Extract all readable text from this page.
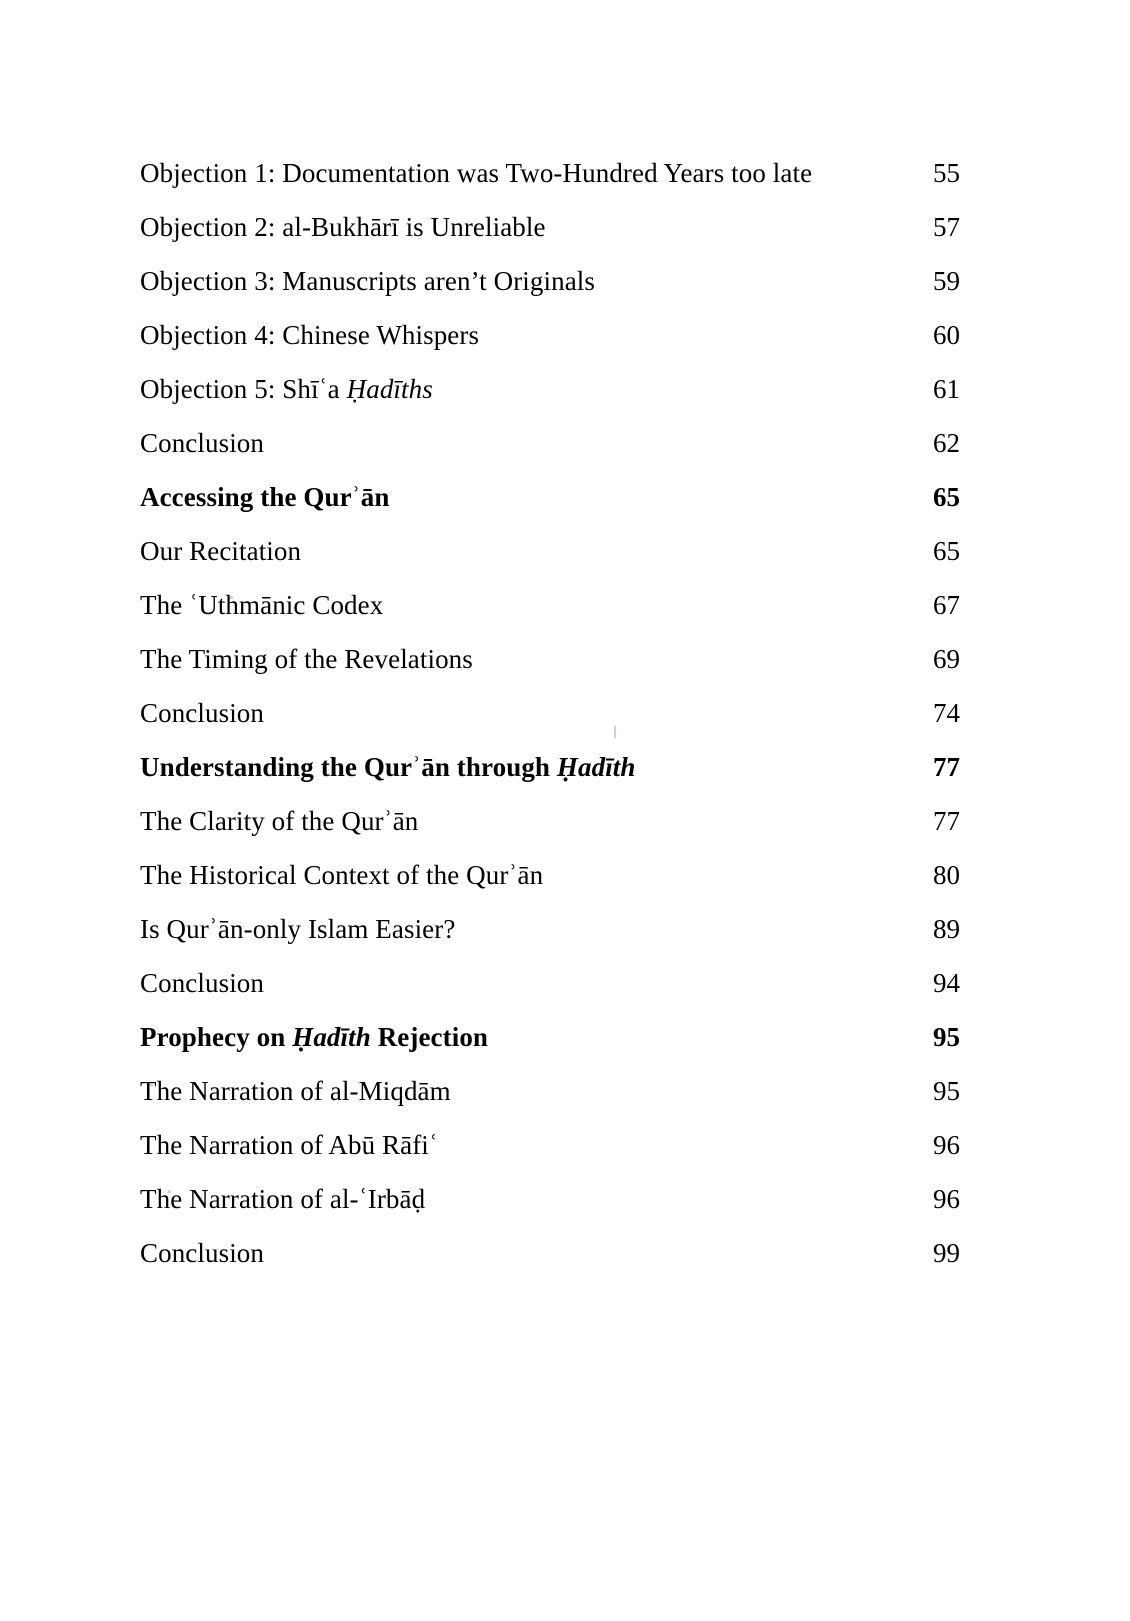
Objection 1: Documentation was Two-Hundred Years too late	55
Objection 2: al-Bukhārī is Unreliable	57
Objection 3: Manuscripts aren’t Originals	59
Objection 4: Chinese Whispers	60
Objection 5: Shīʿa Ḥadīths	61
Conclusion	62
Accessing the Qurʾān	65
Our Recitation	65
The ʿUthmānic Codex	67
The Timing of the Revelations	69
Conclusion	74
Understanding the Qurʾān through Ḥadīth	77
The Clarity of the Qurʾān	77
The Historical Context of the Qurʾān	80
Is Qurʾān-only Islam Easier?	89
Conclusion	94
Prophecy on Ḥadīth Rejection	95
The Narration of al-Miqdām	95
The Narration of Abū Rāfiʿ	96
The Narration of al-ʿIrbāḍ	96
Conclusion	99
